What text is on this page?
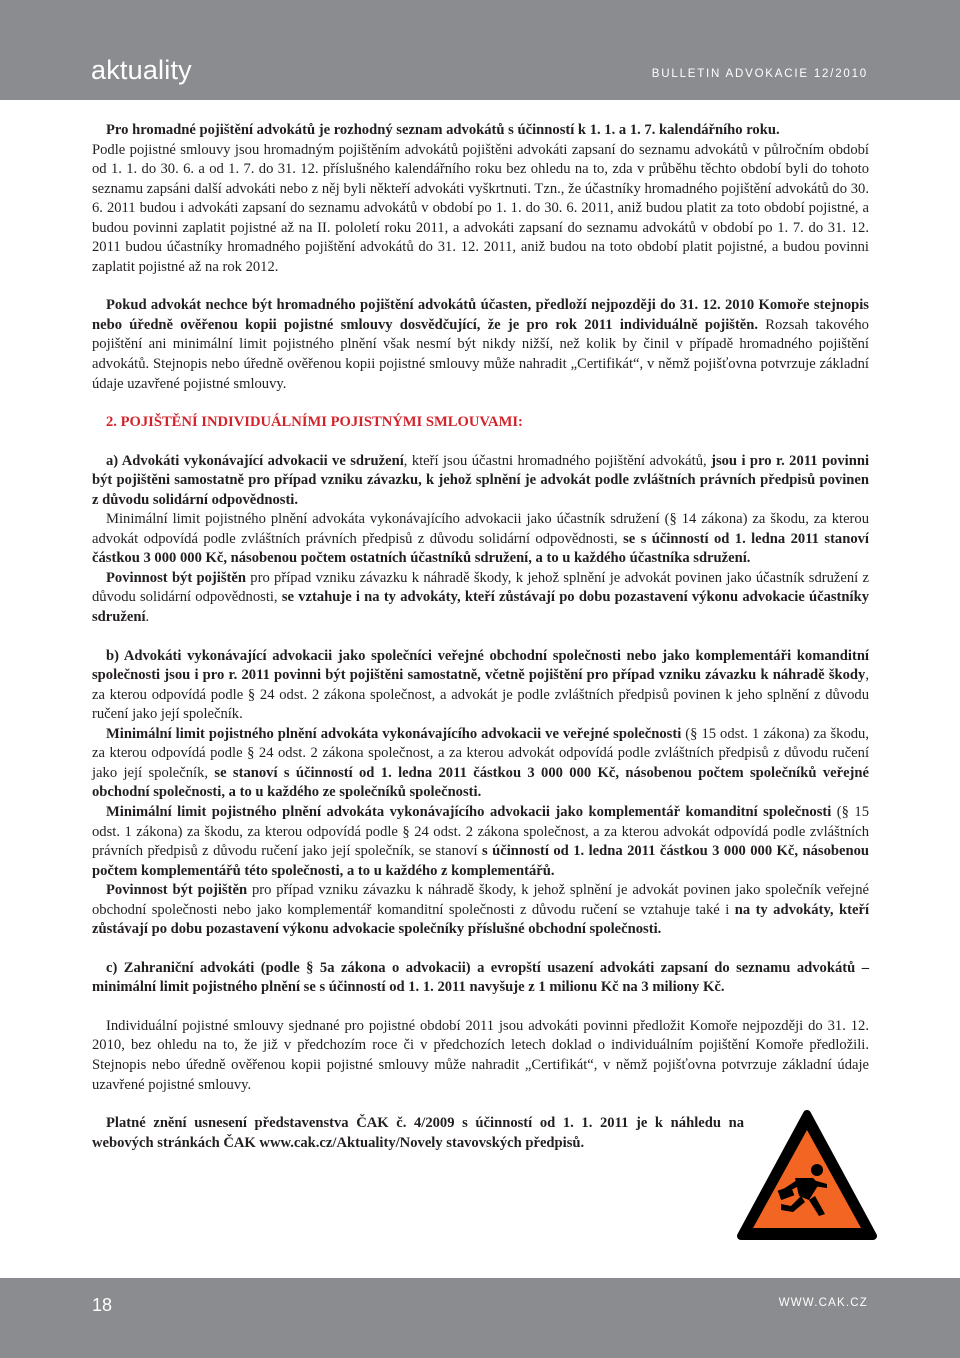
aktuality	BULLETIN ADVOKACIE 12/2010

Pro hromadné pojištění advokátů je rozhodný seznam advokátů s účinností k 1. 1. a 1. 7. kalendářního roku.
Podle pojistné smlouvy jsou hromadným pojištěním advokátů pojištěni advokáti zapsaní do seznamu advokátů v půlročním období od 1. 1. do 30. 6. a od 1. 7. do 31. 12. příslušného kalendářního roku bez ohledu na to, zda v průběhu těchto období byli do tohoto seznamu zapsáni další advokáti nebo z něj byli někteří advokáti vyškrtnuti. Tzn., že účastníky hromadného pojištění advokátů do 30. 6. 2011 budou i advokáti zapsaní do seznamu advokátů v období po 1. 1. do 30. 6. 2011, aniž budou platit za toto období pojistné, a budou povinni zaplatit pojistné až na II. pololetí roku 2011, a advokáti zapsaní do seznamu advokátů v období po 1. 7. do 31. 12. 2011 budou účastníky hromadného pojištění advokátů do 31. 12. 2011, aniž budou na toto období platit pojistné, a budou povinni zaplatit pojistné až na rok 2012.

Pokud advokát nechce být hromadného pojištění advokátů účasten, předloží nejpozději do 31. 12. 2010 Komoře stejnopis nebo úředně ověřenou kopii pojistné smlouvy dosvědčující, že je pro rok 2011 individuálně pojištěn. Rozsah takového pojištění ani minimální limit pojistného plnění však nesmí být nikdy nižší, než kolik by činil v případě hromadného pojištění advokátů. Stejnopis nebo úředně ověřenou kopii pojistné smlouvy může nahradit „Certifikát“, v němž pojišťovna potvrzuje základní údaje uzavřené pojistné smlouvy.

2. POJIŠTĚNÍ INDIVIDUÁLNÍMI POJISTNÝMI SMLOUVAMI:

a) Advokáti vykonávající advokacii ve sdružení, kteří jsou účastni hromadného pojištění advokátů, jsou i pro r. 2011 povinni být pojištěni samostatně pro případ vzniku závazku, k jehož splnění je advokát podle zvláštních právních předpisů povinen z důvodu solidární odpovědnosti.

Minimální limit pojistného plnění advokáta vykonávajícího advokacii jako účastník sdružení (§ 14 zákona) za škodu, za kterou advokát odpovídá podle zvláštních právních předpisů z důvodu solidární odpovědnosti, se s účinností od 1. ledna 2011 stanoví částkou 3 000 000 Kč, násobenou počtem ostatních účastníků sdružení, a to u každého účastníka sdružení.

Povinnost být pojištěn pro případ vzniku závazku k náhradě škody, k jehož splnění je advokát povinen jako účastník sdružení z důvodu solidární odpovědnosti, se vztahuje i na ty advokáty, kteří zůstávají po dobu pozastavení výkonu advokacie účastníky sdružení.

b) Advokáti vykonávající advokacii jako společníci veřejné obchodní společnosti nebo jako komplementáři komanditní společnosti jsou i pro r. 2011 povinni být pojištěni samostatně, včetně pojištění pro případ vzniku závazku k náhradě škody, za kterou odpovídá podle § 24 odst. 2 zákona společnost, a advokát je podle zvláštních předpisů povinen k jeho splnění z důvodu ručení jako její společník.

Minimální limit pojistného plnění advokáta vykonávajícího advokacii ve veřejné společnosti (§ 15 odst. 1 zákona) za škodu, za kterou odpovídá podle § 24 odst. 2 zákona společnost, a za kterou advokát odpovídá podle zvláštních předpisů z důvodu ručení jako její společník, se stanoví s účinností od 1. ledna 2011 částkou 3 000 000 Kč, násobenou počtem společníků veřejné obchodní společnosti, a to u každého ze společníků společnosti.

Minimální limit pojistného plnění advokáta vykonávajícího advokacii jako komplementář komanditní společnosti (§ 15 odst. 1 zákona) za škodu, za kterou odpovídá podle § 24 odst. 2 zákona společnost, a za kterou advokát odpovídá podle zvláštních právních předpisů z důvodu ručení jako její společník, se stanoví s účinností od 1. ledna 2011 částkou 3 000 000 Kč, násobenou počtem komplementářů této společnosti, a to u každého z komplementářů.

Povinnost být pojištěn pro případ vzniku závazku k náhradě škody, k jehož splnění je advokát povinen jako společník veřejné obchodní společnosti nebo jako komplementář komanditní společnosti z důvodu ručení se vztahuje také i na ty advokáty, kteří zůstávají po dobu pozastavení výkonu advokacie společníky příslušné obchodní společnosti.

c) Zahraniční advokáti (podle § 5a zákona o advokacii) a evropští usazení advokáti zapsaní do seznamu advokátů – minimální limit pojistného plnění se s účinností od 1. 1. 2011 navyšuje z 1 milionu Kč na 3 miliony Kč.

Individuální pojistné smlouvy sjednané pro pojistné období 2011 jsou advokáti povinni předložit Komoře nejpozději do 31. 12. 2010, bez ohledu na to, že již v předchozím roce či v předchozích letech doklad o individuálním pojištění Komoře předložili. Stejnopis nebo úředně ověřenou kopii pojistné smlouvy může nahradit „Certifikát“, v němž pojišťovna potvrzuje základní údaje uzavřené pojistné smlouvy.

Platné znění usnesení představenstva ČAK č. 4/2009 s účinností od 1. 1. 2011 je k náhledu na webových stránkách ČAK www.cak.cz/Aktuality/Novely stavovských předpisů.

18	WWW.CAK.CZ
